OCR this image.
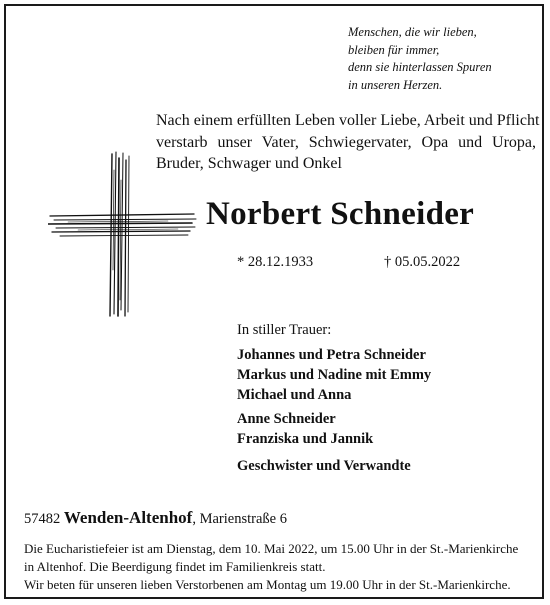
Menschen, die wir lieben,
bleiben für immer,
denn sie hinterlassen Spuren
in unseren Herzen.
Nach einem erfüllten Leben voller Liebe, Arbeit und Pflicht
verstarb unser Vater, Schwiegervater, Opa und Uropa,
Bruder, Schwager und Onkel
Norbert Schneider
* 28.12.1933	† 05.05.2022
In stiller Trauer:
Johannes und Petra Schneider
Markus und Nadine mit Emmy
Michael und Anna
Anne Schneider
Franziska und Jannik
Geschwister und Verwandte
57482 Wenden-Altenhof, Marienstraße 6
Die Eucharistiefeier ist am Dienstag, dem 10. Mai 2022, um 15.00 Uhr in der St.-Marienkirche
in Altenhof. Die Beerdigung findet im Familienkreis statt.
Wir beten für unseren lieben Verstorbenen am Montag um 19.00 Uhr in der St.-Marienkirche.
